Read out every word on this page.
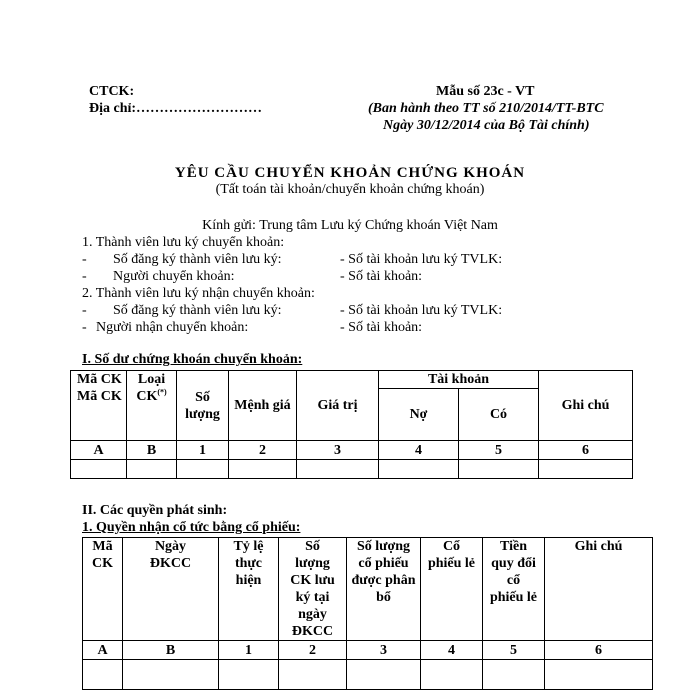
CTCK:
Địa chỉ:………………………
Mẫu số 23c - VT
(Ban hành theo TT số 210/2014/TT-BTC
Ngày 30/12/2014 của Bộ Tài chính)
YÊU CẦU CHUYỂN KHOẢN CHỨNG KHOÁN
(Tất toán tài khoản/chuyển khoản chứng khoán)
Kính gửi: Trung tâm Lưu ký Chứng khoán Việt Nam
1. Thành viên lưu ký chuyển khoản:
- Số đăng ký thành viên lưu ký:	- Số tài khoản lưu ký TVLK:
- Người chuyển khoản:	- Số tài khoản:
2. Thành viên lưu ký nhận chuyển khoản:
- Số đăng ký thành viên lưu ký:	- Số tài khoản lưu ký TVLK:
- Người nhận chuyển khoản:	- Số tài khoản:
I. Số dư chứng khoán chuyển khoản:
Mã CK Mã CK	Loại CK(*)	Số lượng	Mệnh giá	Giá trị	Tài khoản		Ghi chú
					Nợ	Có	
A	B	1	2	3	4	5	6

II. Các quyền phát sinh:
1. Quyền nhận cổ tức bằng cổ phiếu:
Mã CK	Ngày ĐKCC	Tỷ lệ thực hiện	Số lượng CK lưu ký tại ngày ĐKCC	Số lượng cổ phiếu được phân bổ	Cổ phiếu lẻ	Tiền quy đổi cổ phiếu lẻ	Ghi chú
A	B	1	2	3	4	5	6
